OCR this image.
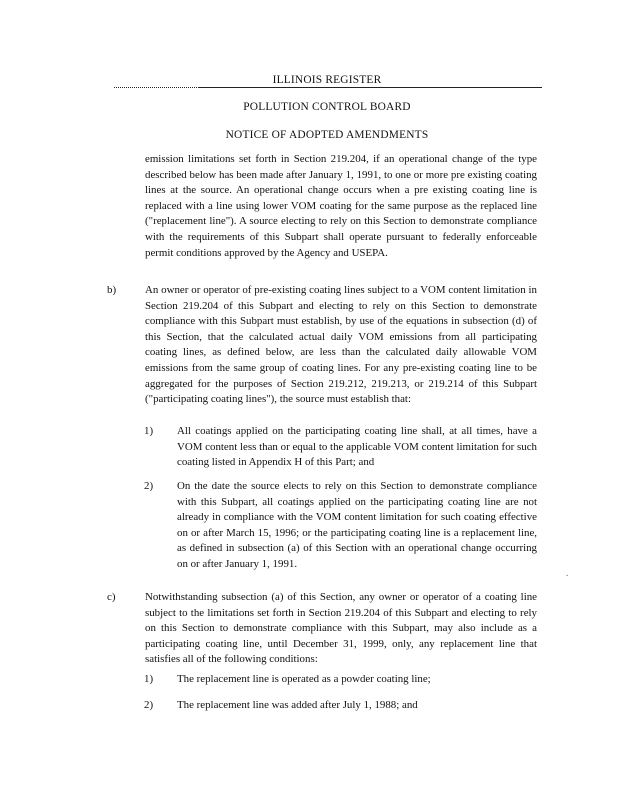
ILLINOIS REGISTER
POLLUTION CONTROL BOARD
NOTICE OF ADOPTED AMENDMENTS
emission limitations set forth in Section 219.204, if an operational change of the type described below has been made after January 1, 1991, to one or more pre existing coating lines at the source. An operational change occurs when a pre existing coating line is replaced with a line using lower VOM coating for the same purpose as the replaced line ("replacement line"). A source electing to rely on this Section to demonstrate compliance with the requirements of this Subpart shall operate pursuant to federally enforceable permit conditions approved by the Agency and USEPA.
b)	An owner or operator of pre-existing coating lines subject to a VOM content limitation in Section 219.204 of this Subpart and electing to rely on this Section to demonstrate compliance with this Subpart must establish, by use of the equations in subsection (d) of this Section, that the calculated actual daily VOM emissions from all participating coating lines, as defined below, are less than the calculated daily allowable VOM emissions from the same group of coating lines. For any pre-existing coating line to be aggregated for the purposes of Section 219.212, 219.213, or 219.214 of this Subpart ("participating coating lines"), the source must establish that:
1) All coatings applied on the participating coating line shall, at all times, have a VOM content less than or equal to the applicable VOM content limitation for such coating listed in Appendix H of this Part; and
2) On the date the source elects to rely on this Section to demonstrate compliance with this Subpart, all coatings applied on the participating coating line are not already in compliance with the VOM content limitation for such coating effective on or after March 15, 1996; or the participating coating line is a replacement line, as defined in subsection (a) of this Section with an operational change occurring on or after January 1, 1991.
.
c)	Notwithstanding subsection (a) of this Section, any owner or operator of a coating line subject to the limitations set forth in Section 219.204 of this Subpart and electing to rely on this Section to demonstrate compliance with this Subpart, may also include as a participating coating line, until December 31, 1999, only, any replacement line that satisfies all of the following conditions:
1) The replacement line is operated as a powder coating line;
2) The replacement line was added after July 1, 1988; and
